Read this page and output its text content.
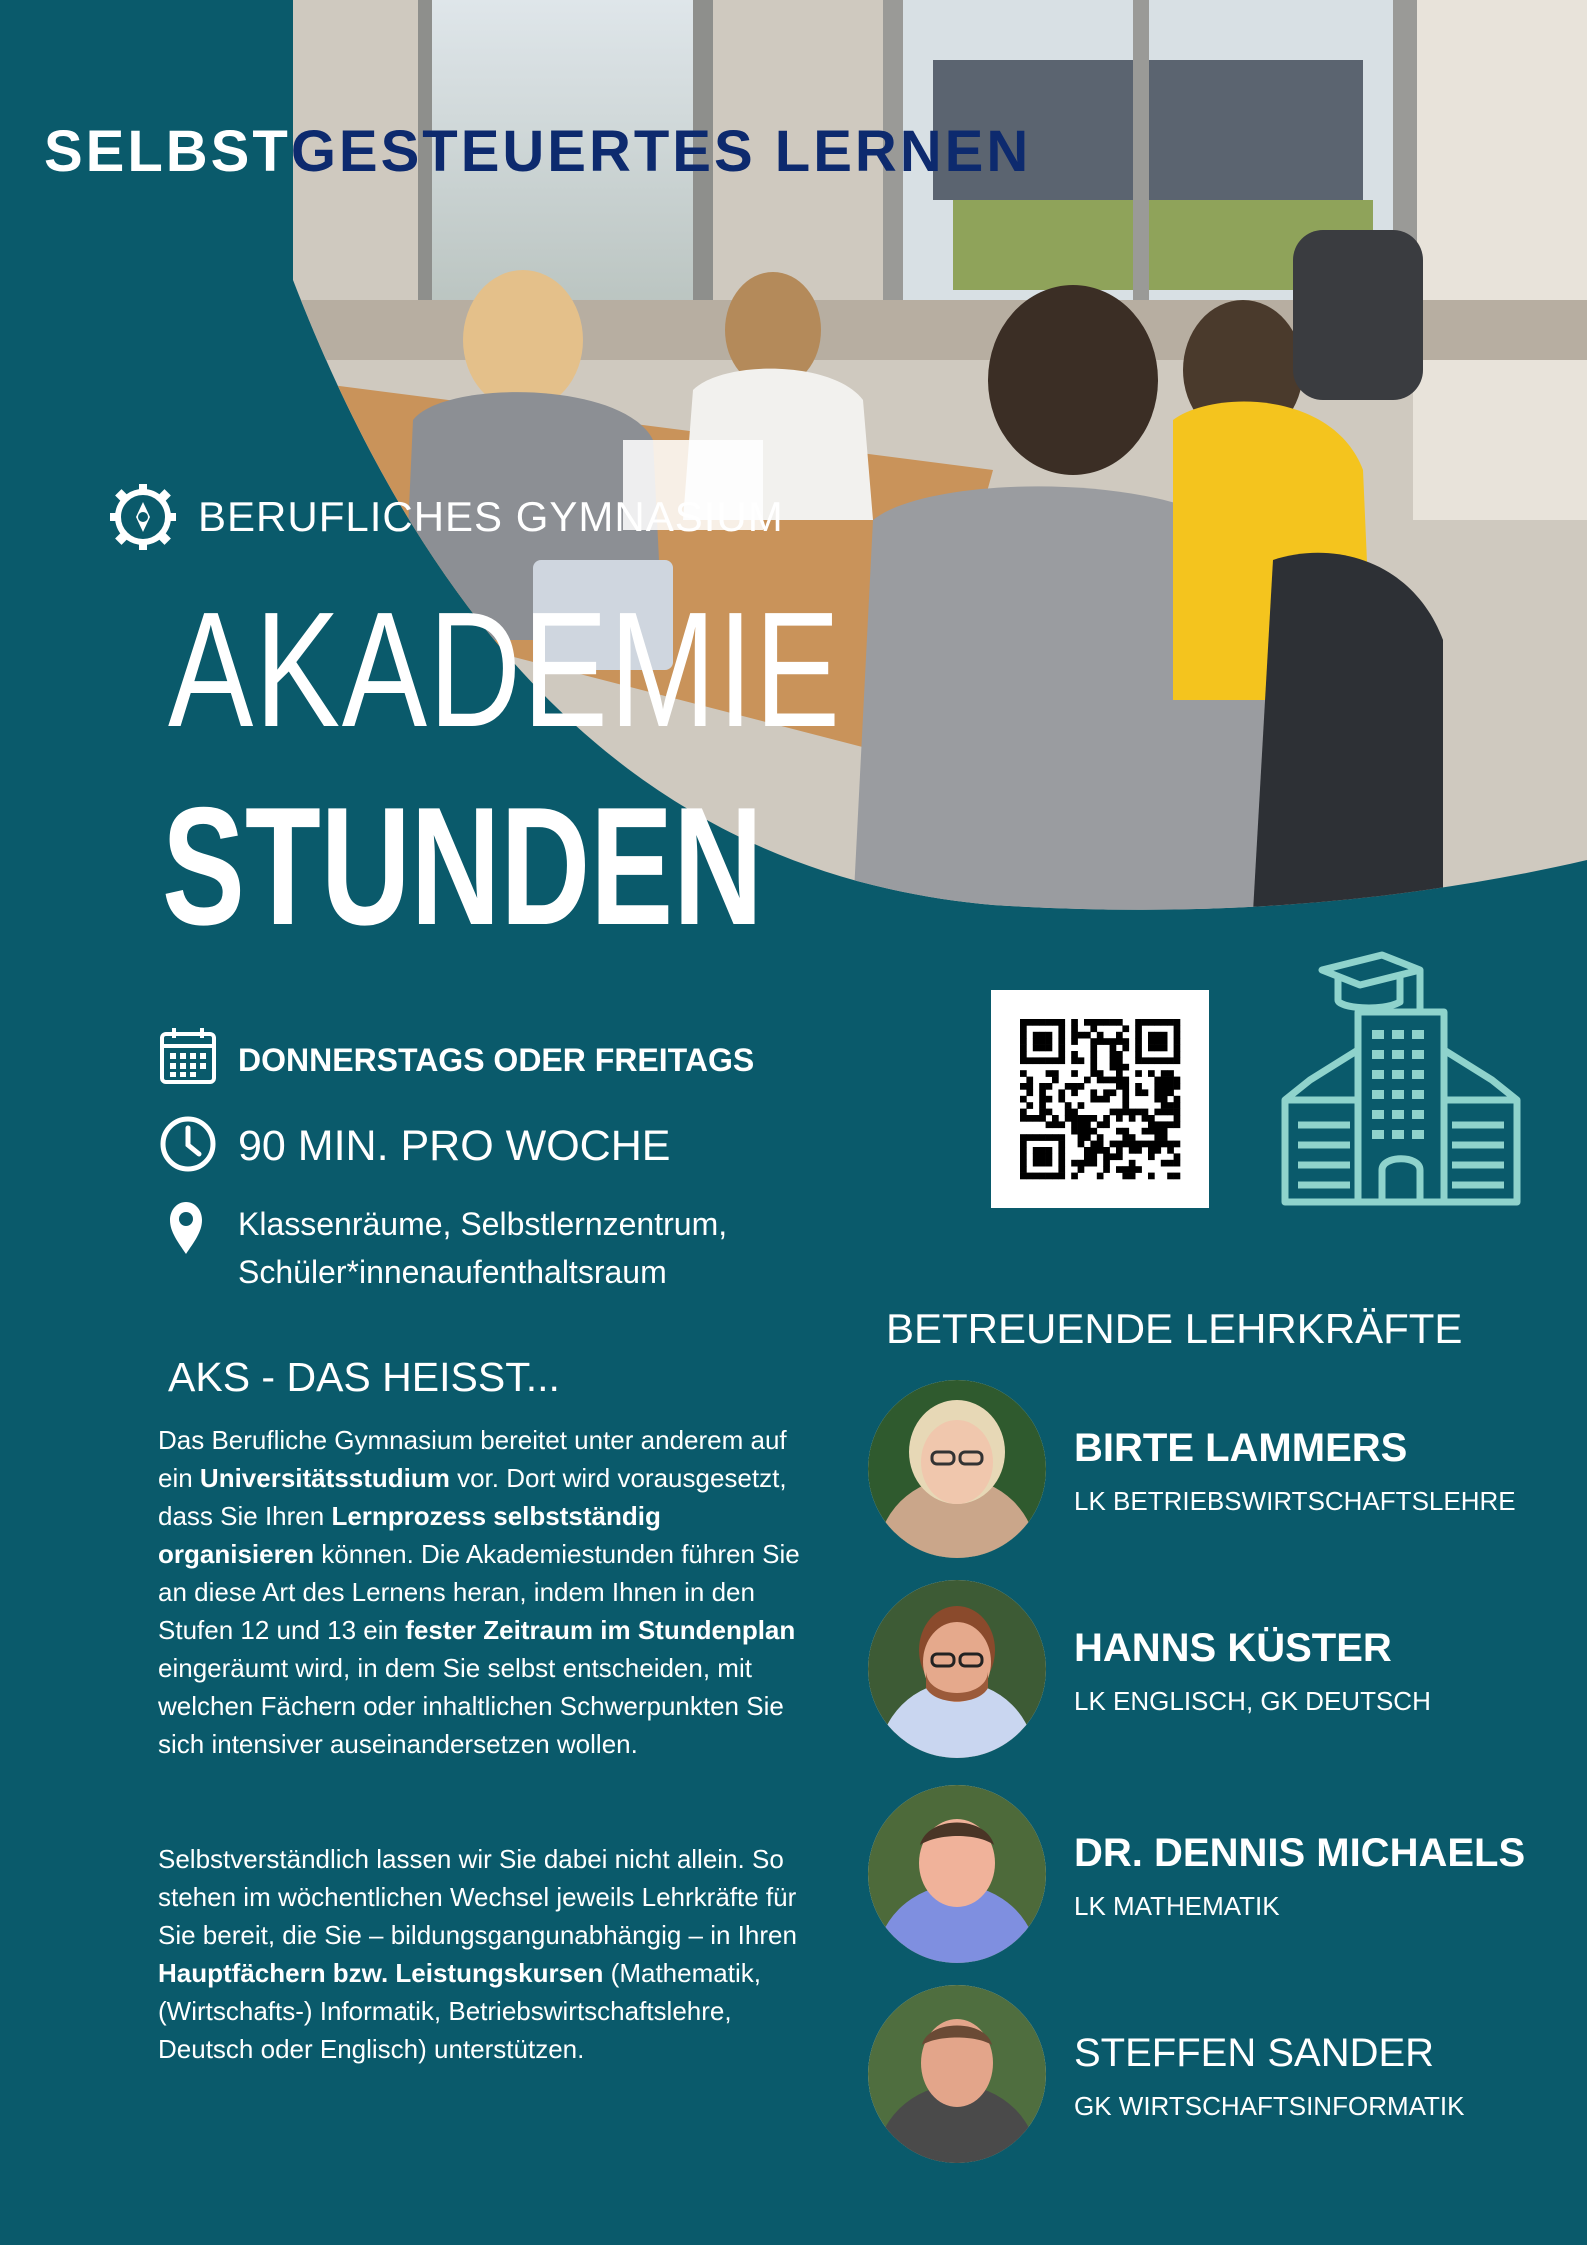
SELBSTGESTEUERTES LERNEN
BERUFLICHES GYMNASIUM
AKADEMIE
STUNDEN
DONNERSTAGS ODER FREITAGS
90 MIN. PRO WOCHE
Klassenräume, Selbstlernzentrum,
Schüler*innenaufenthaltsraum
AKS - DAS HEISST...
Das Berufliche Gymnasium bereitet unter anderem auf ein Universitätsstudium vor. Dort wird vorausgesetzt, dass Sie Ihren Lernprozess selbstständig organisieren können. Die Akademiestunden führen Sie an diese Art des Lernens heran, indem Ihnen in den Stufen 12 und 13 ein fester Zeitraum im Stundenplan eingeräumt wird, in dem Sie selbst entscheiden, mit welchen Fächern oder inhaltlichen Schwerpunkten Sie sich intensiver auseinandersetzen wollen.
Selbstverständlich lassen wir Sie dabei nicht allein. So stehen im wöchentlichen Wechsel jeweils Lehrkräfte für Sie bereit, die Sie – bildungsgangunabhängig – in Ihren Hauptfächern bzw. Leistungskursen (Mathematik, (Wirtschafts-) Informatik, Betriebswirtschaftslehre, Deutsch oder Englisch) unterstützen.
BETREUENDE LEHRKRÄFTE
BIRTE LAMMERS
LK BETRIEBSWIRTSCHAFTSLEHRE
HANNS KÜSTER
LK ENGLISCH, GK DEUTSCH
DR. DENNIS MICHAELS
LK MATHEMATIK
STEFFEN SANDER
GK WIRTSCHAFTSINFORMATIK
